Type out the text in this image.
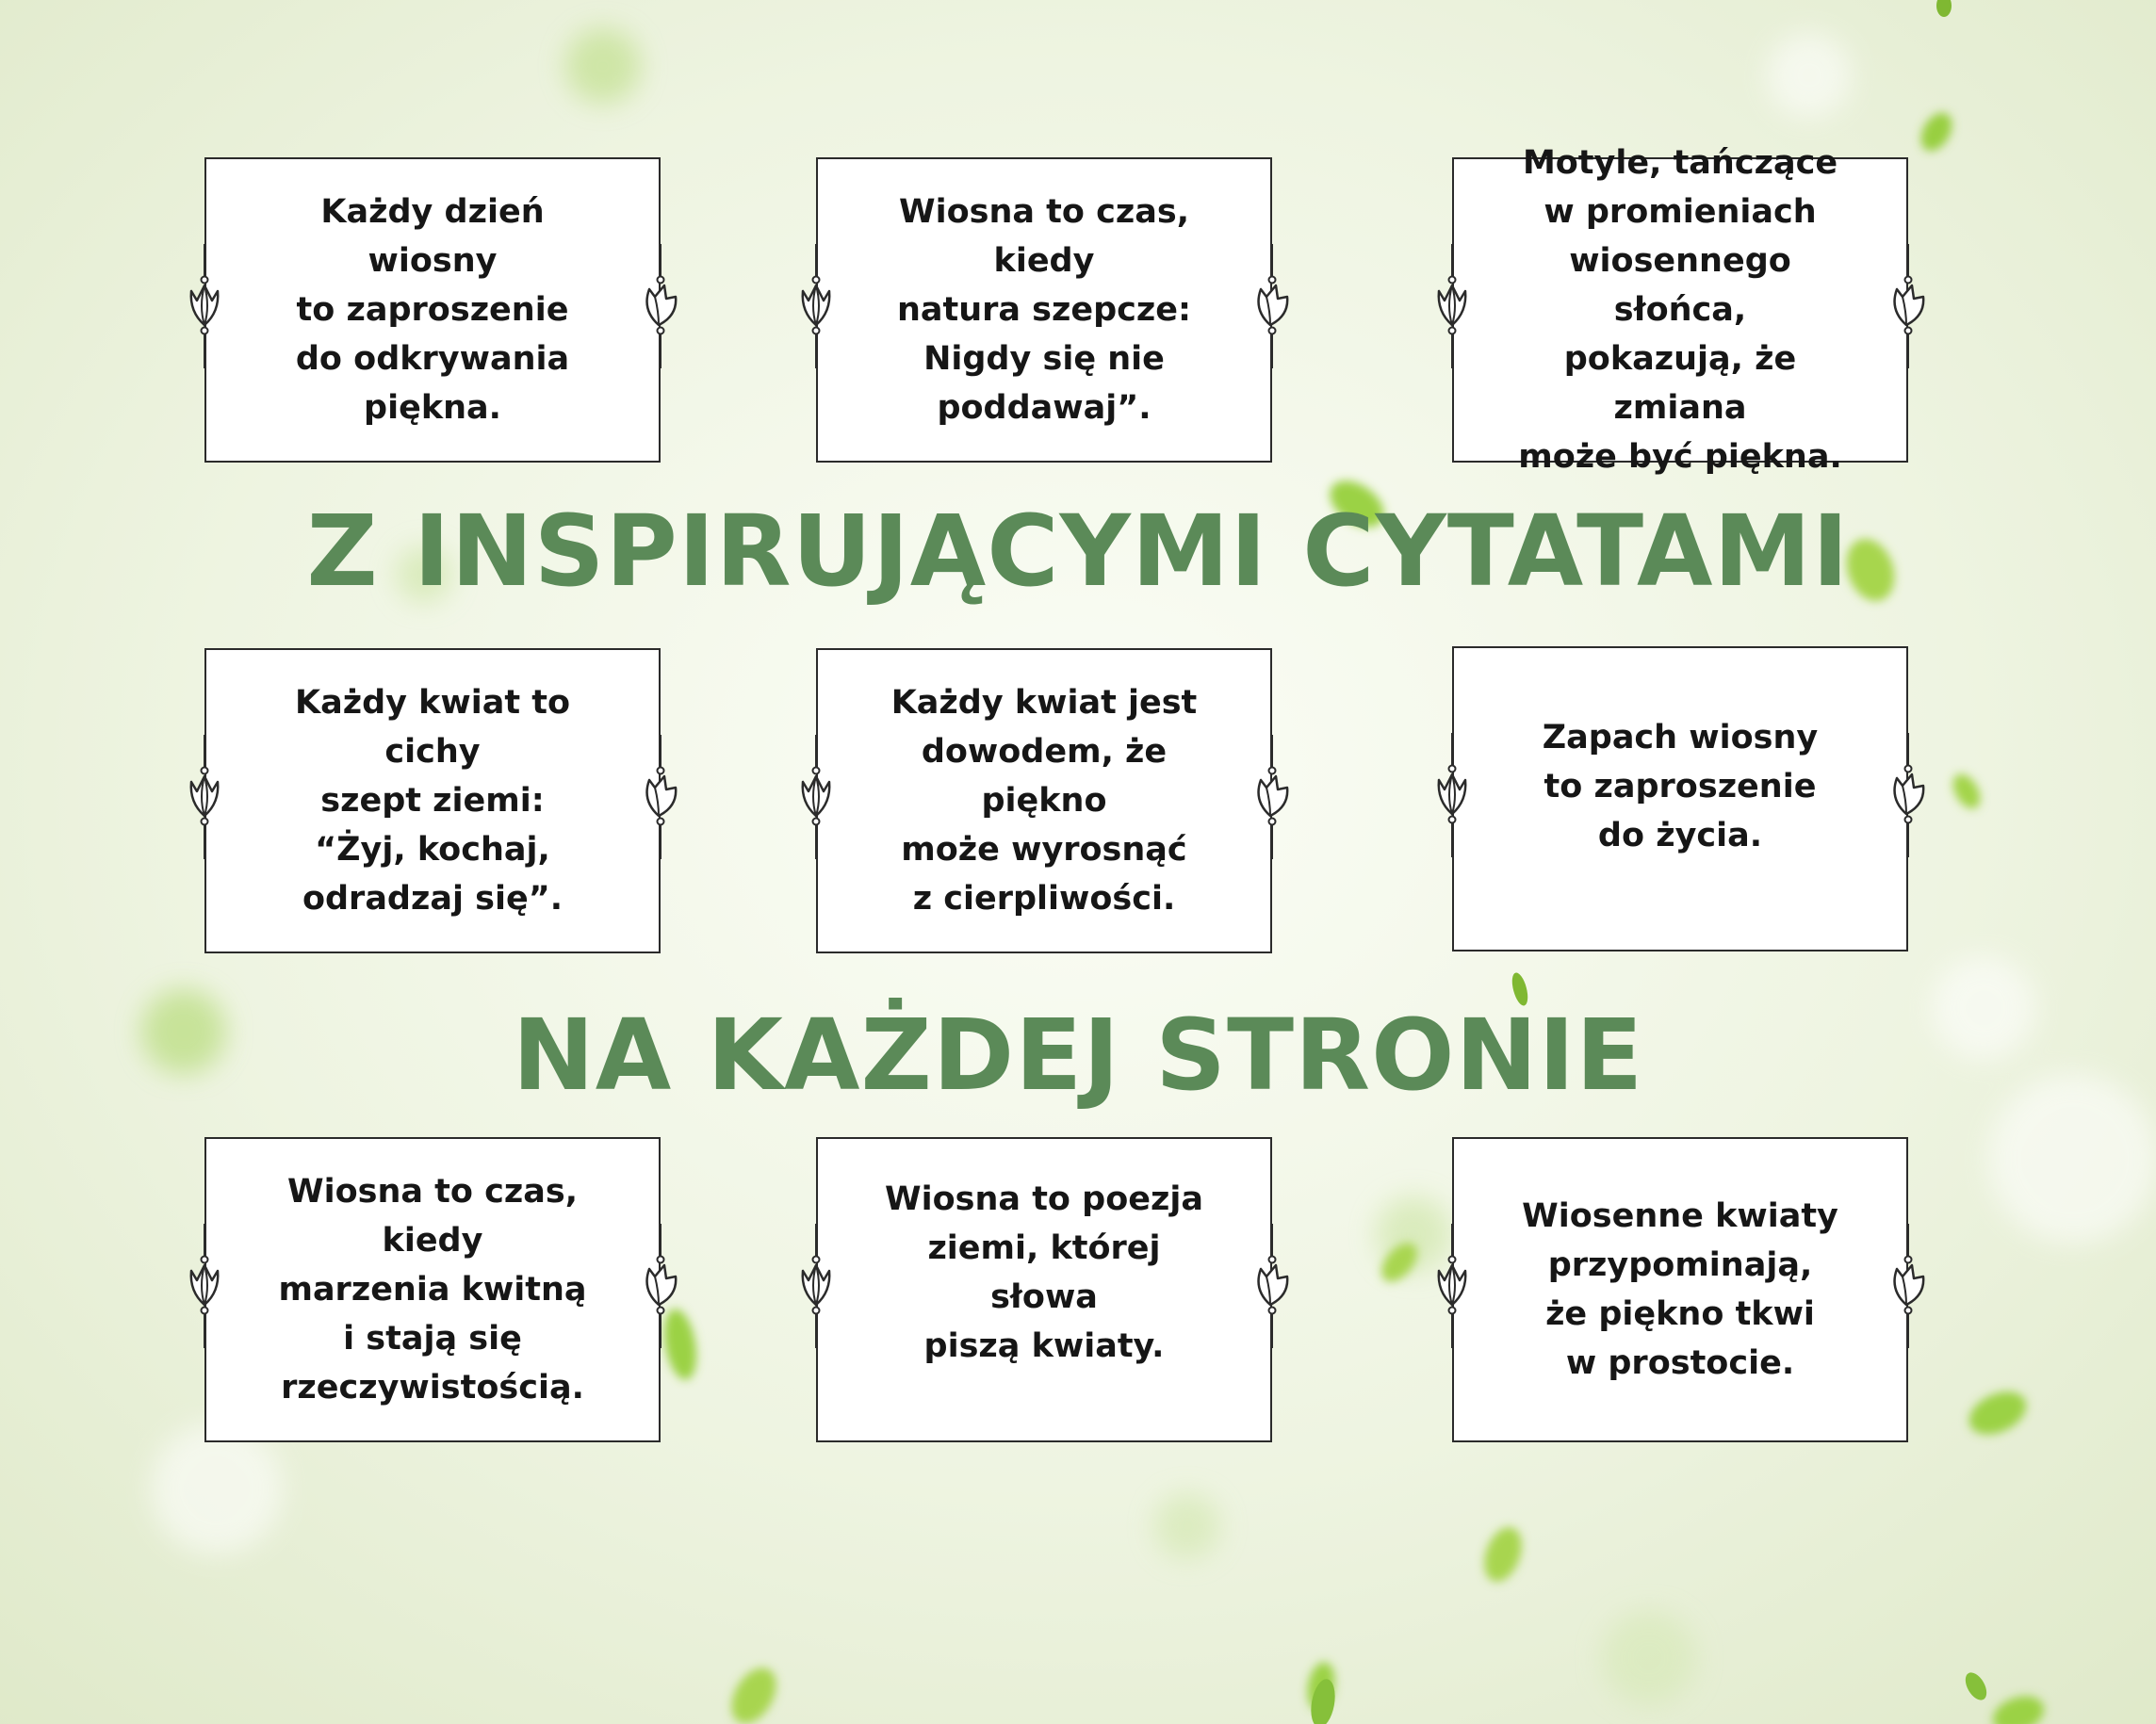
Każdy dzień wiosny
to zaproszenie
do odkrywania
piękna.
Wiosna to czas, kiedy
natura szepcze:
Nigdy się nie
poddawaj”.
Motyle, tańczące
w promieniach
wiosennego słońca,
pokazują, że zmiana
może być piękna.
Z INSPIRUJĄCYMI CYTATAMI
Każdy kwiat to cichy
szept ziemi:
“Żyj, kochaj,
odradzaj się”.
Każdy kwiat jest
dowodem, że piękno
może wyrosnąć
z cierpliwości.
Zapach wiosny
to zaproszenie
do życia.
NA KAŻDEJ STRONIE
Wiosna to czas, kiedy
marzenia kwitną
i stają się
rzeczywistością.
Wiosna to poezja
ziemi, której słowa
piszą kwiaty.
Wiosenne kwiaty
przypominają,
że piękno tkwi
w prostocie.
